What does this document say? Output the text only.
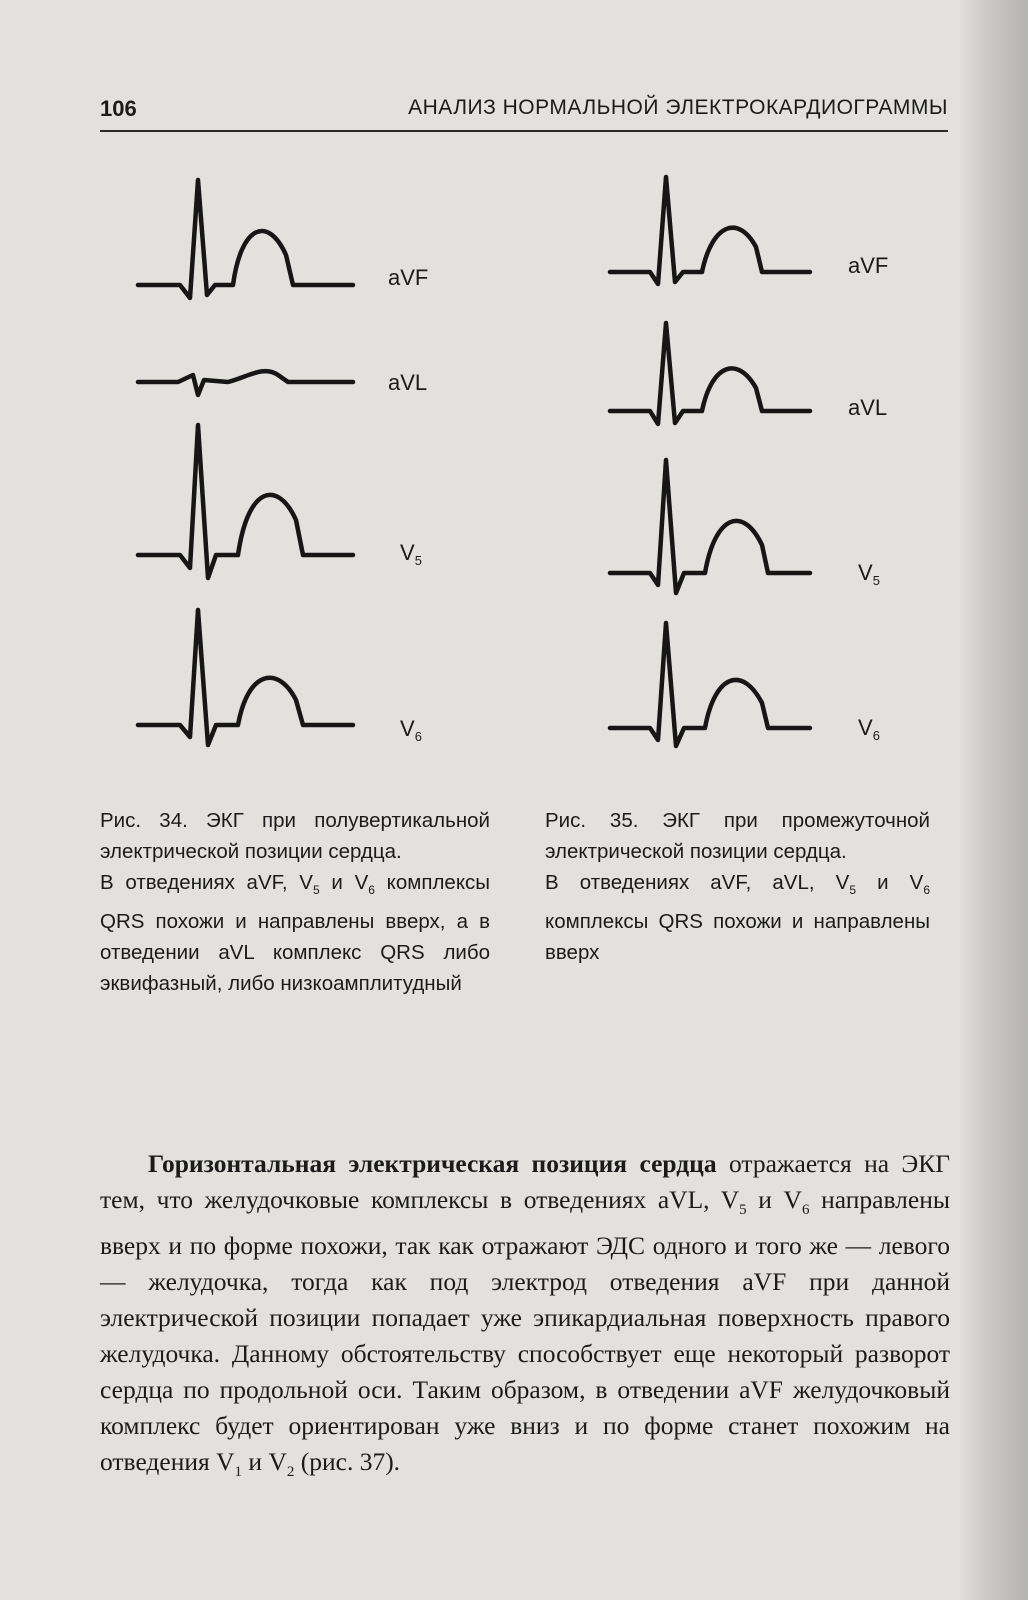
106	АНАЛИЗ НОРМАЛЬНОЙ ЭЛЕКТРОКАРДИОГРАММЫ
aVF
aVL
$V_5$
$V_6$
aVF
aVL
$V_5$
$V_6$
Рис. 34. ЭКГ при полувертикальной электрической позиции сердца.
В отведениях aVF, $V_5$ и $V_6$ комплексы QRS похожи и направлены вверх, а в отведении aVL комплекс QRS либо эквифазный, либо низкоамплитудный
Рис. 35. ЭКГ при промежуточной электрической позиции сердца.
В отведениях aVF, aVL, $V_5$ и $V_6$ комплексы QRS похожи и направлены вверх
Горизонтальная электрическая позиция сердца отражается на ЭКГ тем, что желудочковые комплексы в отведениях aVL, $V_5$ и $V_6$ направлены вверх и по форме похожи, так как отражают ЭДС одного и того же — левого — желудочка, тогда как под электрод отведения aVF при данной электрической позиции попадает уже эпикардиальная поверхность правого желудочка. Данному обстоятельству способствует еще некоторый разворот сердца по продольной оси. Таким образом, в отведении aVF желудочковый комплекс будет ориентирован уже вниз и по форме станет похожим на отведения $V_1$ и $V_2$ (рис. 37).
